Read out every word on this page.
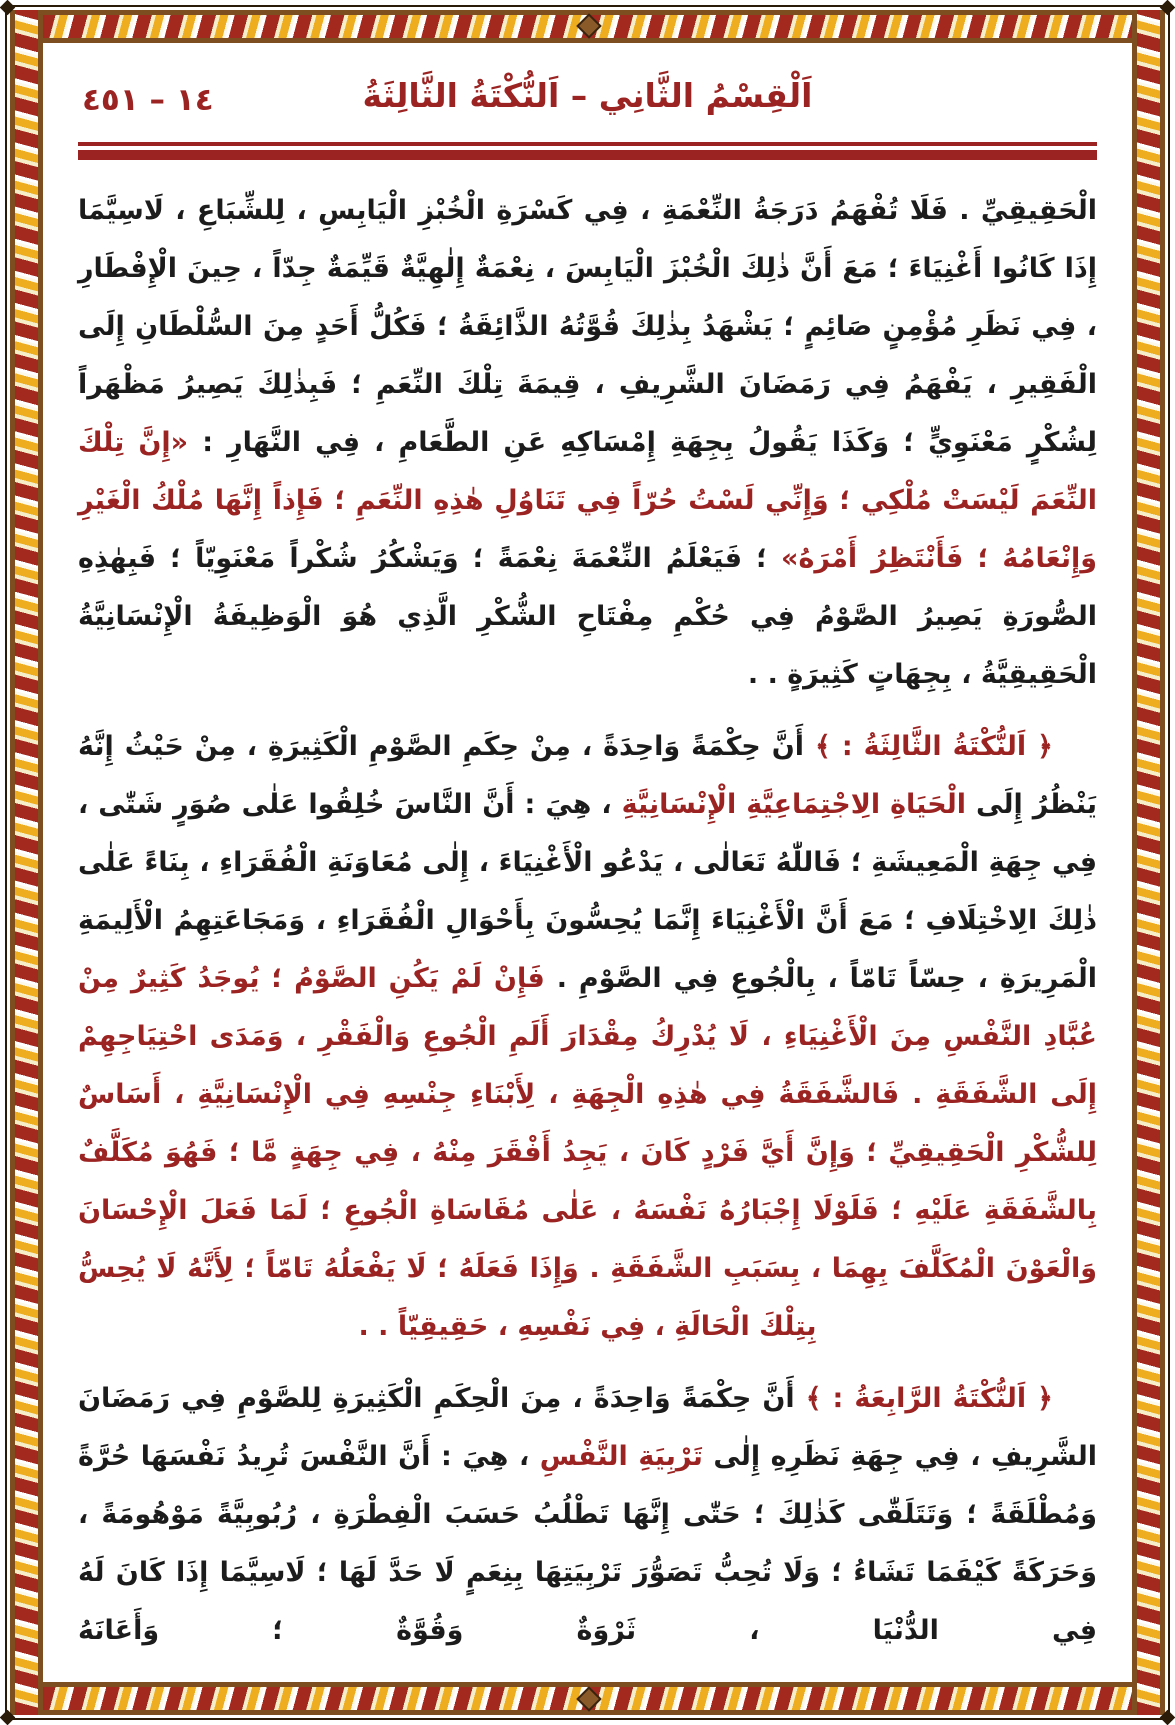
١٤ – ٤٥١	اَلْقِسْمُ الثَّانِي – اَلنُّكْتَةُ الثَّالِثَةُ

الْحَقِيقِيِّ . فَلَا تُفْهَمُ دَرَجَةُ النِّعْمَةِ ، فِي كَسْرَةِ الْخُبْزِ الْيَابِسِ ، لِلشِّبَاعِ ، لَاسِيَّمَا إِذَا كَانُوا أَغْنِيَاءَ ؛ مَعَ أَنَّ ذٰلِكَ الْخُبْزَ الْيَابِسَ ، نِعْمَةٌ إِلٰهِيَّةٌ قَيِّمَةٌ جِدّاً ، حِينَ الْإِفْطَارِ ، فِي نَظَرِ مُؤْمِنٍ صَائِمٍ ؛ يَشْهَدُ بِذٰلِكَ قُوَّتُهُ الذَّائِقَةُ ؛ فَكُلُّ أَحَدٍ مِنَ السُّلْطَانِ إِلَى الْفَقِيرِ ، يَفْهَمُ فِي رَمَضَانَ الشَّرِيفِ ، قِيمَةَ تِلْكَ النِّعَمِ ؛ فَبِذٰلِكَ يَصِيرُ مَظْهَراً لِشُكْرٍ مَعْنَوِيٍّ ؛ وَكَذَا يَقُولُ بِجِهَةِ إِمْسَاكِهِ عَنِ الطَّعَامِ ، فِي النَّهَارِ : «إِنَّ تِلْكَ النِّعَمَ لَيْسَتْ مُلْكِي ؛ وَإِنِّي لَسْتُ حُرّاً فِي تَنَاوُلِ هٰذِهِ النِّعَمِ ؛ فَإِذاً إِنَّهَا مُلْكُ الْغَيْرِ وَإِنْعَامُهُ ؛ فَأَنْتَظِرُ أَمْرَهُ» ؛ فَيَعْلَمُ النِّعْمَةَ نِعْمَةً ؛ وَيَشْكُرُ شُكْراً مَعْنَوِيّاً ؛ فَبِهٰذِهِ الصُّورَةِ يَصِيرُ الصَّوْمُ فِي حُكْمِ مِفْتَاحِ الشُّكْرِ الَّذِي هُوَ الْوَظِيفَةُ الْإِنْسَانِيَّةُ الْحَقِيقِيَّةُ ، بِجِهَاتٍ كَثِيرَةٍ . .

﴿ اَلنُّكْتَةُ الثَّالِثَةُ : ﴾ أَنَّ حِكْمَةً وَاحِدَةً ، مِنْ حِكَمِ الصَّوْمِ الْكَثِيرَةِ ، مِنْ حَيْثُ إِنَّهُ يَنْظُرُ إِلَى الْحَيَاةِ الِاجْتِمَاعِيَّةِ الْإِنْسَانِيَّةِ ، هِيَ : أَنَّ النَّاسَ خُلِقُوا عَلٰى صُوَرٍ شَتّٰى ، فِي جِهَةِ الْمَعِيشَةِ ؛ فَاللّٰهُ تَعَالٰى ، يَدْعُو الْأَغْنِيَاءَ ، إِلٰى مُعَاوَنَةِ الْفُقَرَاءِ ، بِنَاءً عَلٰى ذٰلِكَ الِاخْتِلَافِ ؛ مَعَ أَنَّ الْأَغْنِيَاءَ إِنَّمَا يُحِسُّونَ بِأَحْوَالِ الْفُقَرَاءِ ، وَمَجَاعَتِهِمُ الْأَلِيمَةِ الْمَرِيرَةِ ، حِسّاً تَامّاً ، بِالْجُوعِ فِي الصَّوْمِ . فَإِنْ لَمْ يَكُنِ الصَّوْمُ ؛ يُوجَدُ كَثِيرٌ مِنْ عُبَّادِ النَّفْسِ مِنَ الْأَغْنِيَاءِ ، لَا يُدْرِكُ مِقْدَارَ أَلَمِ الْجُوعِ وَالْفَقْرِ ، وَمَدَى احْتِيَاجِهِمْ إِلَى الشَّفَقَةِ . فَالشَّفَقَةُ فِي هٰذِهِ الْجِهَةِ ، لِأَبْنَاءِ جِنْسِهِ فِي الْإِنْسَانِيَّةِ ، أَسَاسٌ لِلشُّكْرِ الْحَقِيقِيِّ ؛ وَإِنَّ أَيَّ فَرْدٍ كَانَ ، يَجِدُ أَفْقَرَ مِنْهُ ، فِي جِهَةٍ مَّا ؛ فَهُوَ مُكَلَّفٌ بِالشَّفَقَةِ عَلَيْهِ ؛ فَلَوْلَا إِجْبَارُهُ نَفْسَهُ ، عَلٰى مُقَاسَاةِ الْجُوعِ ؛ لَمَا فَعَلَ الْإِحْسَانَ وَالْعَوْنَ الْمُكَلَّفَ بِهِمَا ، بِسَبَبِ الشَّفَقَةِ . وَإِذَا فَعَلَهُ ؛ لَا يَفْعَلُهُ تَامّاً ؛ لِأَنَّهُ لَا يُحِسُّ بِتِلْكَ الْحَالَةِ ، فِي نَفْسِهِ ، حَقِيقِيّاً . .

﴿ اَلنُّكْتَةُ الرَّابِعَةُ : ﴾ أَنَّ حِكْمَةً وَاحِدَةً ، مِنَ الْحِكَمِ الْكَثِيرَةِ لِلصَّوْمِ فِي رَمَضَانَ الشَّرِيفِ ، فِي جِهَةِ نَظَرِهِ إِلٰى تَرْبِيَةِ النَّفْسِ ، هِيَ : أَنَّ النَّفْسَ تُرِيدُ نَفْسَهَا حُرَّةً وَمُطْلَقَةً ؛ وَتَتَلَقّٰى كَذٰلِكَ ؛ حَتّٰى إِنَّهَا تَطْلُبُ حَسَبَ الْفِطْرَةِ ، رُبُوبِيَّةً مَوْهُومَةً ، وَحَرَكَةً كَيْفَمَا تَشَاءُ ؛ وَلَا تُحِبُّ تَصَوُّرَ تَرْبِيَتِهَا بِنِعَمٍ لَا حَدَّ لَهَا ؛ لَاسِيَّمَا إِذَا كَانَ لَهُ فِي الدُّنْيَا ، ثَرْوَةٌ وَقُوَّةٌ ؛ وَأَعَانَهُ
